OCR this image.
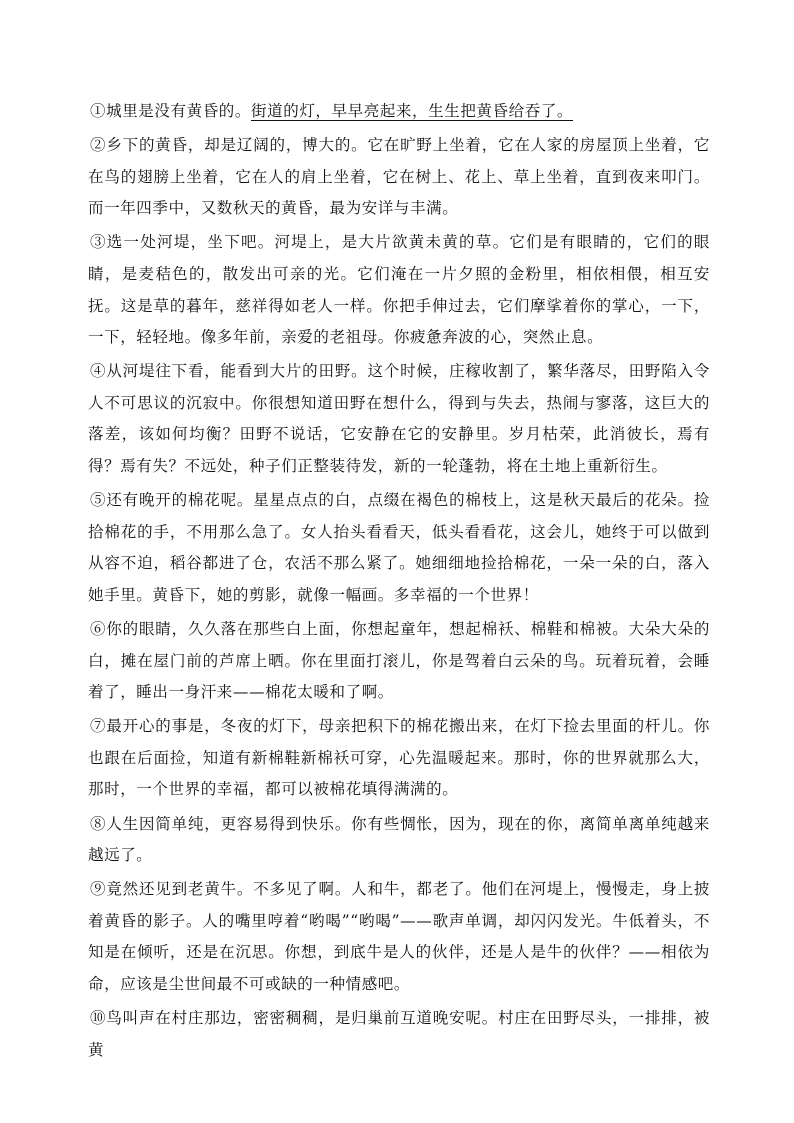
①城里是没有黄昏的。街道的灯，早早亮起来，生生把黄昏给吞了。

②乡下的黄昏，却是辽阔的，博大的。它在旷野上坐着，它在人家的房屋顶上坐着，它在鸟的翅膀上坐着，它在人的肩上坐着，它在树上、花上、草上坐着，直到夜来叩门。而一年四季中，又数秋天的黄昏，最为安详与丰满。

③选一处河堤，坐下吧。河堤上，是大片欲黄未黄的草。它们是有眼睛的，它们的眼睛，是麦秸色的，散发出可亲的光。它们淹在一片夕照的金粉里，相依相偎，相互安抚。这是草的暮年，慈祥得如老人一样。你把手伸过去，它们摩挲着你的掌心，一下，一下，轻轻地。像多年前，亲爱的老祖母。你疲惫奔波的心，突然止息。

④从河堤往下看，能看到大片的田野。这个时候，庄稼收割了，繁华落尽，田野陷入令人不可思议的沉寂中。你很想知道田野在想什么，得到与失去，热闹与寥落，这巨大的落差，该如何均衡？田野不说话，它安静在它的安静里。岁月枯荣，此消彼长，焉有得？焉有失？不远处，种子们正整装待发，新的一轮蓬勃，将在土地上重新衍生。

⑤还有晚开的棉花呢。星星点点的白，点缀在褐色的棉枝上，这是秋天最后的花朵。捡拾棉花的手，不用那么急了。女人抬头看看天，低头看看花，这会儿，她终于可以做到从容不迫，稻谷都进了仓，农活不那么紧了。她细细地捡拾棉花，一朵一朵的白，落入她手里。黄昏下，她的剪影，就像一幅画。多幸福的一个世界！

⑥你的眼睛，久久落在那些白上面，你想起童年，想起棉袄、棉鞋和棉被。大朵大朵的白，摊在屋门前的芦席上晒。你在里面打滚儿，你是驾着白云朵的鸟。玩着玩着，会睡着了，睡出一身汗来——棉花太暖和了啊。

⑦最开心的事是，冬夜的灯下，母亲把积下的棉花搬出来，在灯下捡去里面的杆儿。你也跟在后面捡，知道有新棉鞋新棉袄可穿，心先温暖起来。那时，你的世界就那么大，那时，一个世界的幸福，都可以被棉花填得满满的。

⑧人生因简单纯，更容易得到快乐。你有些惆怅，因为，现在的你，离简单离单纯越来越远了。

⑨竟然还见到老黄牛。不多见了啊。人和牛，都老了。他们在河堤上，慢慢走，身上披着黄昏的影子。人的嘴里哼着“哟喝”“哟喝”——歌声单调，却闪闪发光。牛低着头，不知是在倾听，还是在沉思。你想，到底牛是人的伙伴，还是人是牛的伙伴？——相依为命，应该是尘世间最不可或缺的一种情感吧。

⑩鸟叫声在村庄那边，密密稠稠，是归巢前互道晚安呢。村庄在田野尽头，一排排，被黄
